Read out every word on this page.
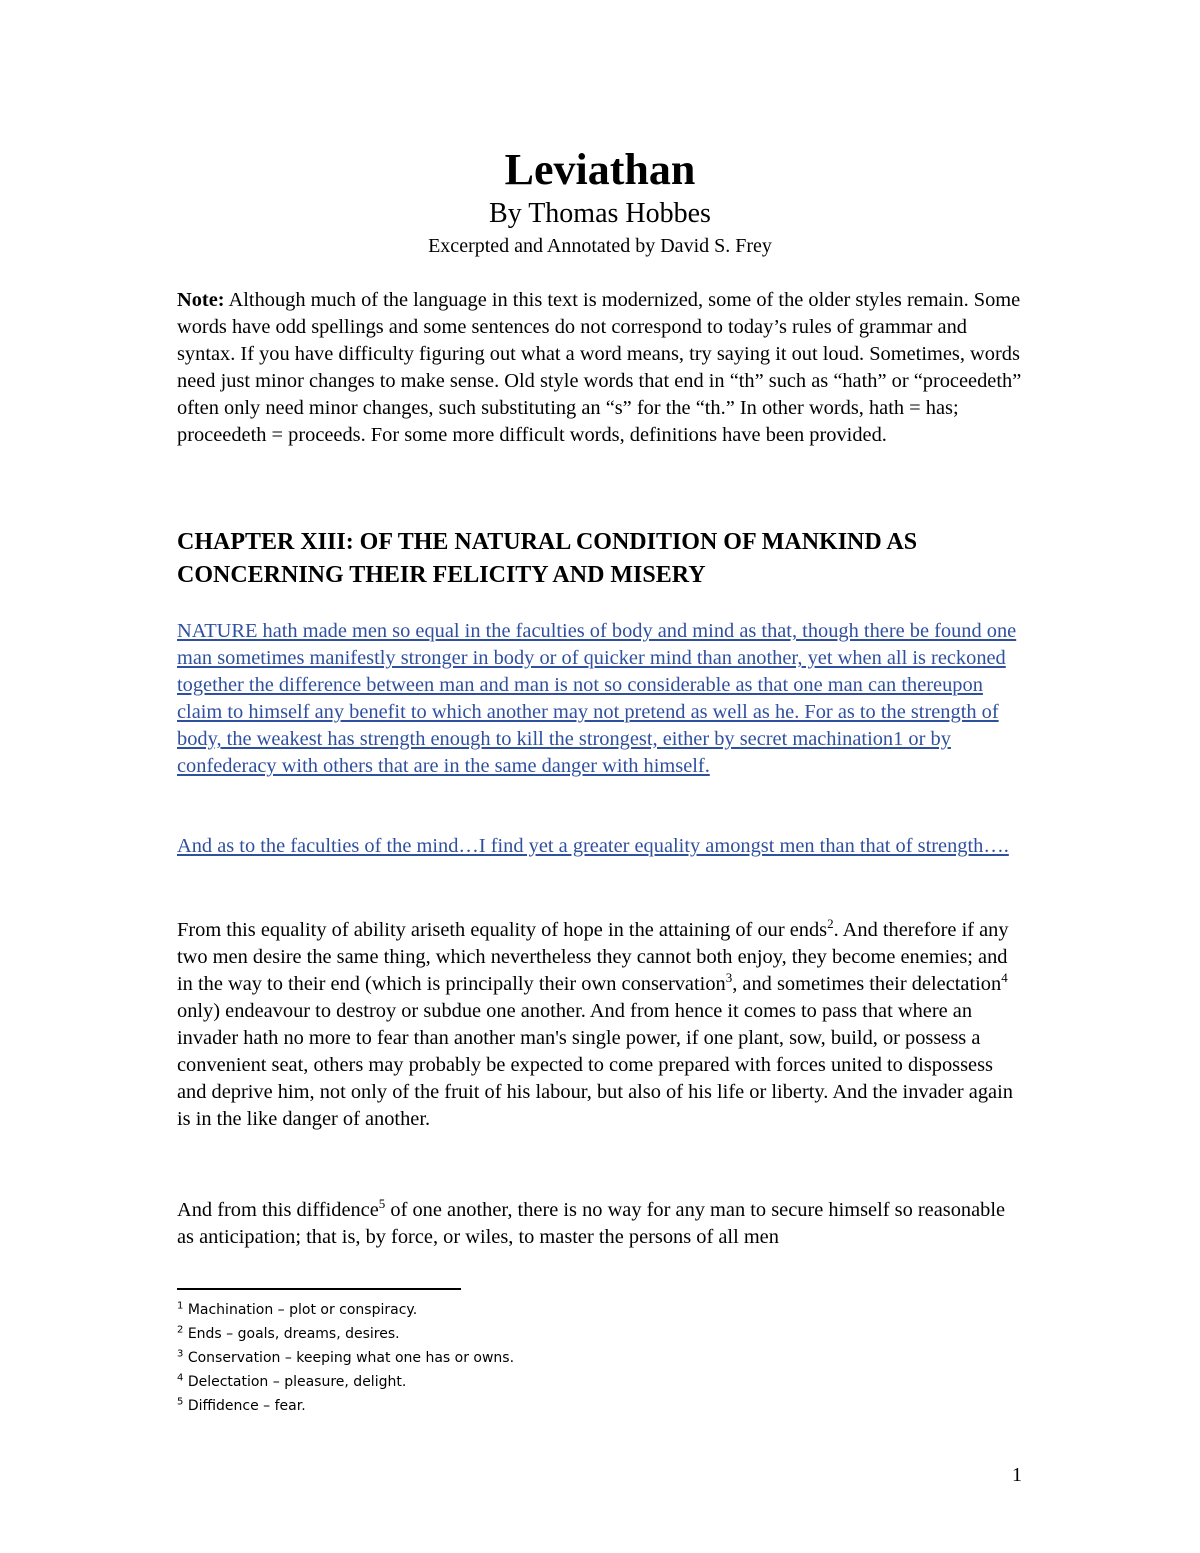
Leviathan
By Thomas Hobbes
Excerpted and Annotated by David S. Frey

Note: Although much of the language in this text is modernized, some of the older styles remain. Some words have odd spellings and some sentences do not correspond to today’s rules of grammar and syntax. If you have difficulty figuring out what a word means, try saying it out loud. Sometimes, words need just minor changes to make sense. Old style words that end in “th” such as “hath” or “proceedeth” often only need minor changes, such substituting an “s” for the “th.” In other words, hath = has; proceedeth = proceeds. For some more difficult words, definitions have been provided.

CHAPTER XIII: OF THE NATURAL CONDITION OF MANKIND AS CONCERNING THEIR FELICITY AND MISERY

NATURE hath made men so equal in the faculties of body and mind as that, though there be found one man sometimes manifestly stronger in body or of quicker mind than another, yet when all is reckoned together the difference between man and man is not so considerable as that one man can thereupon claim to himself any benefit to which another may not pretend as well as he. For as to the strength of body, the weakest has strength enough to kill the strongest, either by secret machination1 or by confederacy with others that are in the same danger with himself.

And as to the faculties of the mind…I find yet a greater equality amongst men than that of strength….

From this equality of ability ariseth equality of hope in the attaining of our ends$^2$. And therefore if any two men desire the same thing, which nevertheless they cannot both enjoy, they become enemies; and in the way to their end (which is principally their own conservation$^3$, and sometimes their delectation$^4$ only) endeavour to destroy or subdue one another. And from hence it comes to pass that where an invader hath no more to fear than another man's single power, if one plant, sow, build, or possess a convenient seat, others may probably be expected to come prepared with forces united to dispossess and deprive him, not only of the fruit of his labour, but also of his life or liberty. And the invader again is in the like danger of another.

And from this diffidence$^5$ of one another, there is no way for any man to secure himself so reasonable as anticipation; that is, by force, or wiles, to master the persons of all men

$^1$ Machination – plot or conspiracy.
$^2$ Ends – goals, dreams, desires.
$^3$ Conservation – keeping what one has or owns.
$^4$ Delectation – pleasure, delight.
$^5$ Diffidence – fear.
1
